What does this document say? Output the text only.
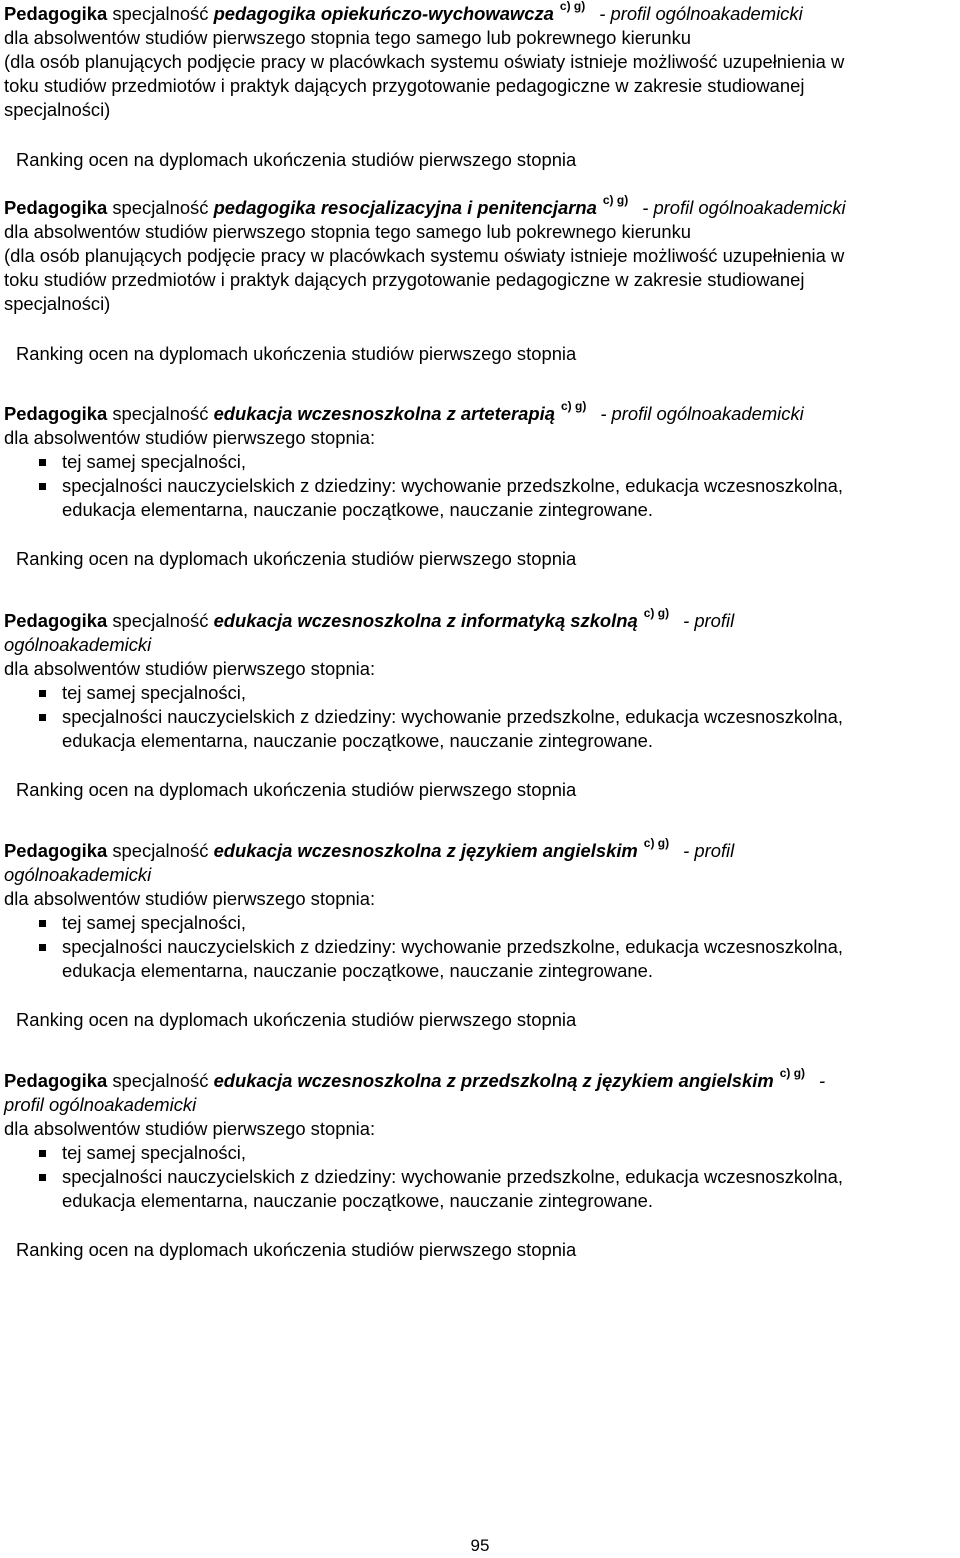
Pedagogika specjalność pedagogika opiekuńczo-wychowawcza $^{c) g)}$ - profil ogólnoakademicki
dla absolwentów studiów pierwszego stopnia tego samego lub pokrewnego kierunku
(dla osób planujących podjęcie pracy w placówkach systemu oświaty istnieje możliwość uzupełnienia w
toku studiów przedmiotów i praktyk dających przygotowanie pedagogiczne w zakresie studiowanej
specjalności)
Ranking ocen na dyplomach ukończenia studiów pierwszego stopnia
Pedagogika specjalność pedagogika resocjalizacyjna i penitencjarna $^{c) g)}$ - profil ogólnoakademicki
dla absolwentów studiów pierwszego stopnia tego samego lub pokrewnego kierunku
(dla osób planujących podjęcie pracy w placówkach systemu oświaty istnieje możliwość uzupełnienia w
toku studiów przedmiotów i praktyk dających przygotowanie pedagogiczne w zakresie studiowanej
specjalności)
Ranking ocen na dyplomach ukończenia studiów pierwszego stopnia
Pedagogika specjalność edukacja wczesnoszkolna z arteterapią $^{c) g)}$ - profil ogólnoakademicki
dla absolwentów studiów pierwszego stopnia:
tej samej specjalności,
specjalności nauczycielskich z dziedziny: wychowanie przedszkolne, edukacja wczesnoszkolna,
edukacja elementarna, nauczanie początkowe, nauczanie zintegrowane.
Ranking ocen na dyplomach ukończenia studiów pierwszego stopnia
Pedagogika specjalność edukacja wczesnoszkolna z informatyką szkolną $^{c) g)}$ - profil
ogólnoakademicki
dla absolwentów studiów pierwszego stopnia:
tej samej specjalności,
specjalności nauczycielskich z dziedziny: wychowanie przedszkolne, edukacja wczesnoszkolna,
edukacja elementarna, nauczanie początkowe, nauczanie zintegrowane.
Ranking ocen na dyplomach ukończenia studiów pierwszego stopnia
Pedagogika specjalność edukacja wczesnoszkolna z językiem angielskim $^{c) g)}$ - profil
ogólnoakademicki
dla absolwentów studiów pierwszego stopnia:
tej samej specjalności,
specjalności nauczycielskich z dziedziny: wychowanie przedszkolne, edukacja wczesnoszkolna,
edukacja elementarna, nauczanie początkowe, nauczanie zintegrowane.
Ranking ocen na dyplomach ukończenia studiów pierwszego stopnia
Pedagogika specjalność edukacja wczesnoszkolna z przedszkolną z językiem angielskim $^{c) g)}$ -
profil ogólnoakademicki
dla absolwentów studiów pierwszego stopnia:
tej samej specjalności,
specjalności nauczycielskich z dziedziny: wychowanie przedszkolne, edukacja wczesnoszkolna,
edukacja elementarna, nauczanie początkowe, nauczanie zintegrowane.
Ranking ocen na dyplomach ukończenia studiów pierwszego stopnia
95
